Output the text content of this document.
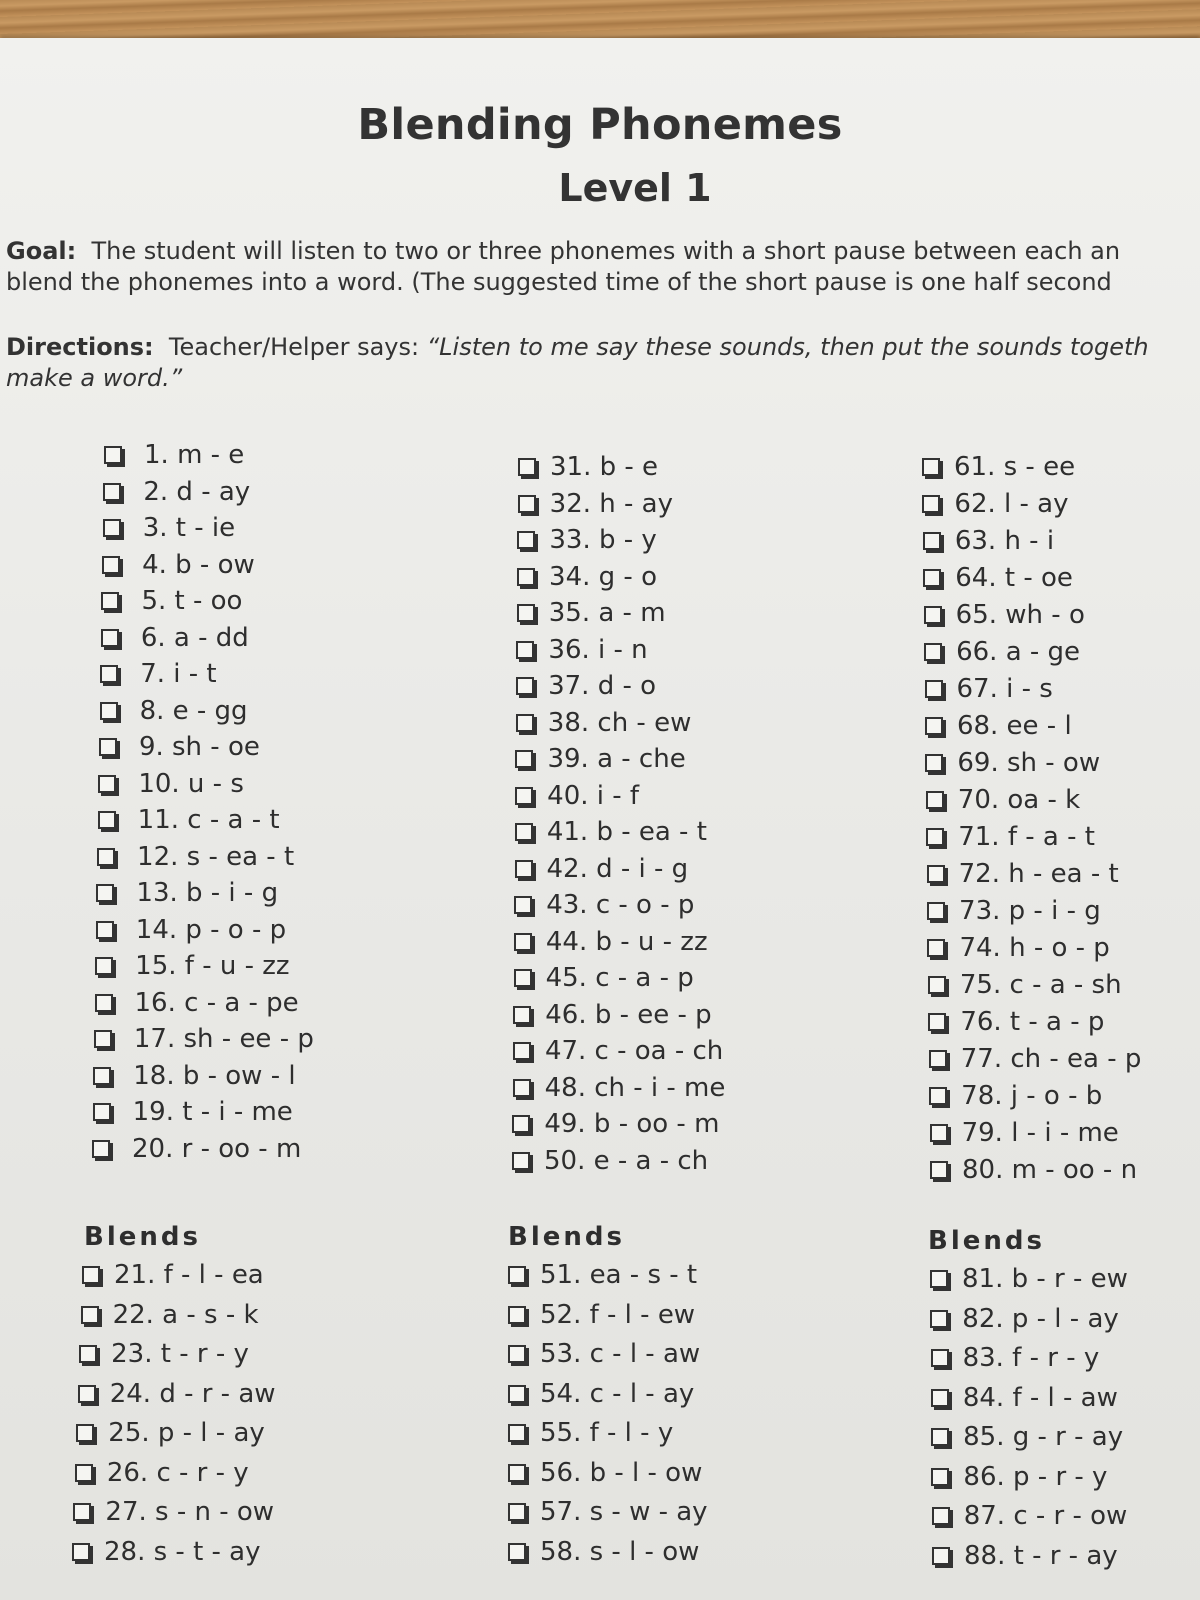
Blending Phonemes
Level 1
Goal: The student will listen to two or three phonemes with a short pause between each an
blend the phonemes into a word. (The suggested time of the short pause is one half second
Directions: Teacher/Helper says: “Listen to me say these sounds, then put the sounds togeth
make a word.”
1. m - e
2. d - ay
3. t - ie
4. b - ow
5. t - oo
6. a - dd
7. i - t
8. e - gg
9. sh - oe
10. u - s
11. c - a - t
12. s - ea - t
13. b - i - g
14. p - o - p
15. f - u - zz
16. c - a - pe
17. sh - ee - p
18. b - ow - l
19. t - i - me
20. r - oo - m
31. b - e
32. h - ay
33. b - y
34. g - o
35. a - m
36. i - n
37. d - o
38. ch - ew
39. a - che
40. i - f
41. b - ea - t
42. d - i - g
43. c - o - p
44. b - u - zz
45. c - a - p
46. b - ee - p
47. c - oa - ch
48. ch - i - me
49. b - oo - m
50. e - a - ch
61. s - ee
62. l - ay
63. h - i
64. t - oe
65. wh - o
66. a - ge
67. i - s
68. ee - l
69. sh - ow
70. oa - k
71. f - a - t
72. h - ea - t
73. p - i - g
74. h - o - p
75. c - a - sh
76. t - a - p
77. ch - ea - p
78. j - o - b
79. l - i - me
80. m - oo - n
Blends	Blends	Blends
21. f - l - ea
22. a - s - k
23. t - r - y
24. d - r - aw
25. p - l - ay
26. c - r - y
27. s - n - ow
28. s - t - ay
51. ea - s - t
52. f - l - ew
53. c - l - aw
54. c - l - ay
55. f - l - y
56. b - l - ow
57. s - w - ay
58. s - l - ow
81. b - r - ew
82. p - l - ay
83. f - r - y
84. f - l - aw
85. g - r - ay
86. p - r - y
87. c - r - ow
88. t - r - ay
